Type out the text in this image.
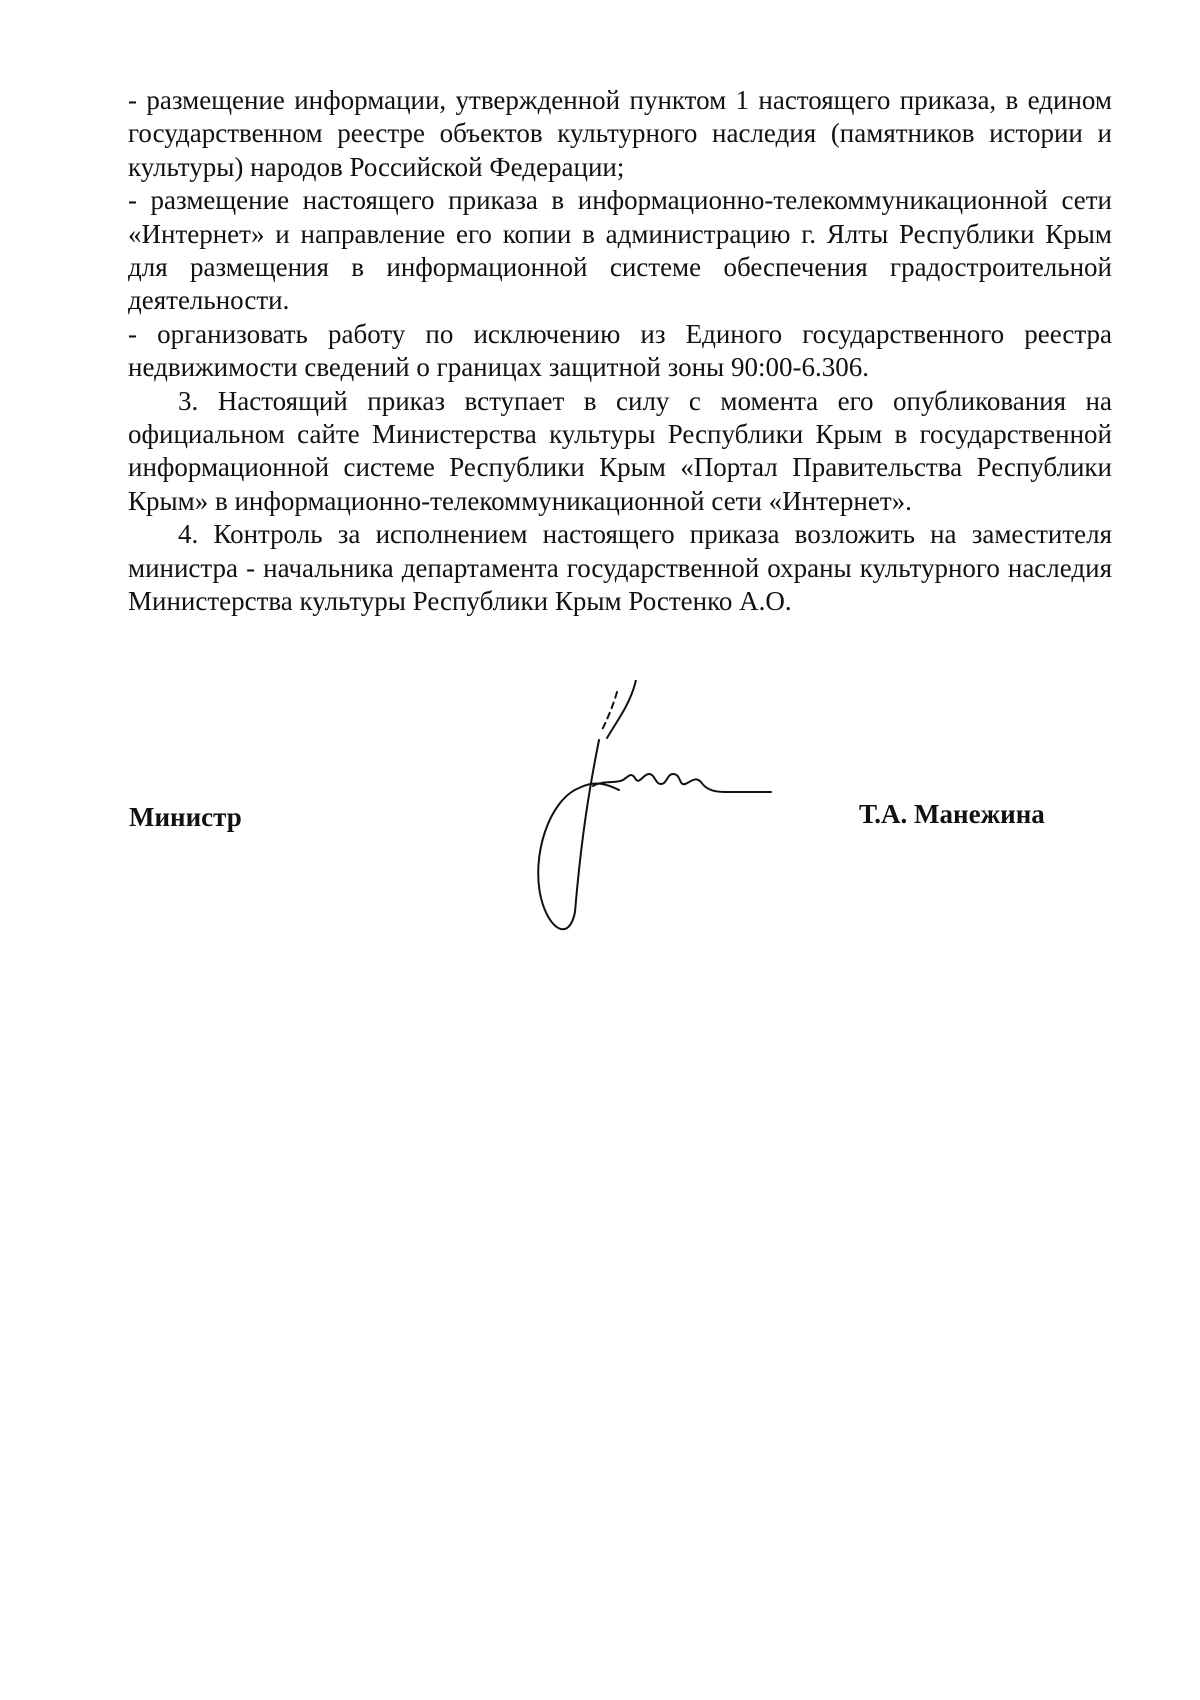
- размещение информации, утвержденной пунктом 1 настоящего приказа, в едином государственном реестре объектов культурного наследия (памятников истории и культуры) народов Российской Федерации;

- размещение настоящего приказа в информационно-телекоммуникационной сети «Интернет» и направление его копии в администрацию г. Ялты Республики Крым для размещения в информационной системе обеспечения градостроительной деятельности.

- организовать работу по исключению из Единого государственного реестра недвижимости сведений о границах защитной зоны 90:00-6.306.

3. Настоящий приказ вступает в силу с момента его опубликования на официальном сайте Министерства культуры Республики Крым в государственной информационной системе Республики Крым «Портал Правительства Республики Крым» в информационно-телекоммуникационной сети «Интернет».

4. Контроль за исполнением настоящего приказа возложить на заместителя министра - начальника департамента государственной охраны культурного наследия Министерства культуры Республики Крым Ростенко А.О.

Министр	Т.А. Манежина
